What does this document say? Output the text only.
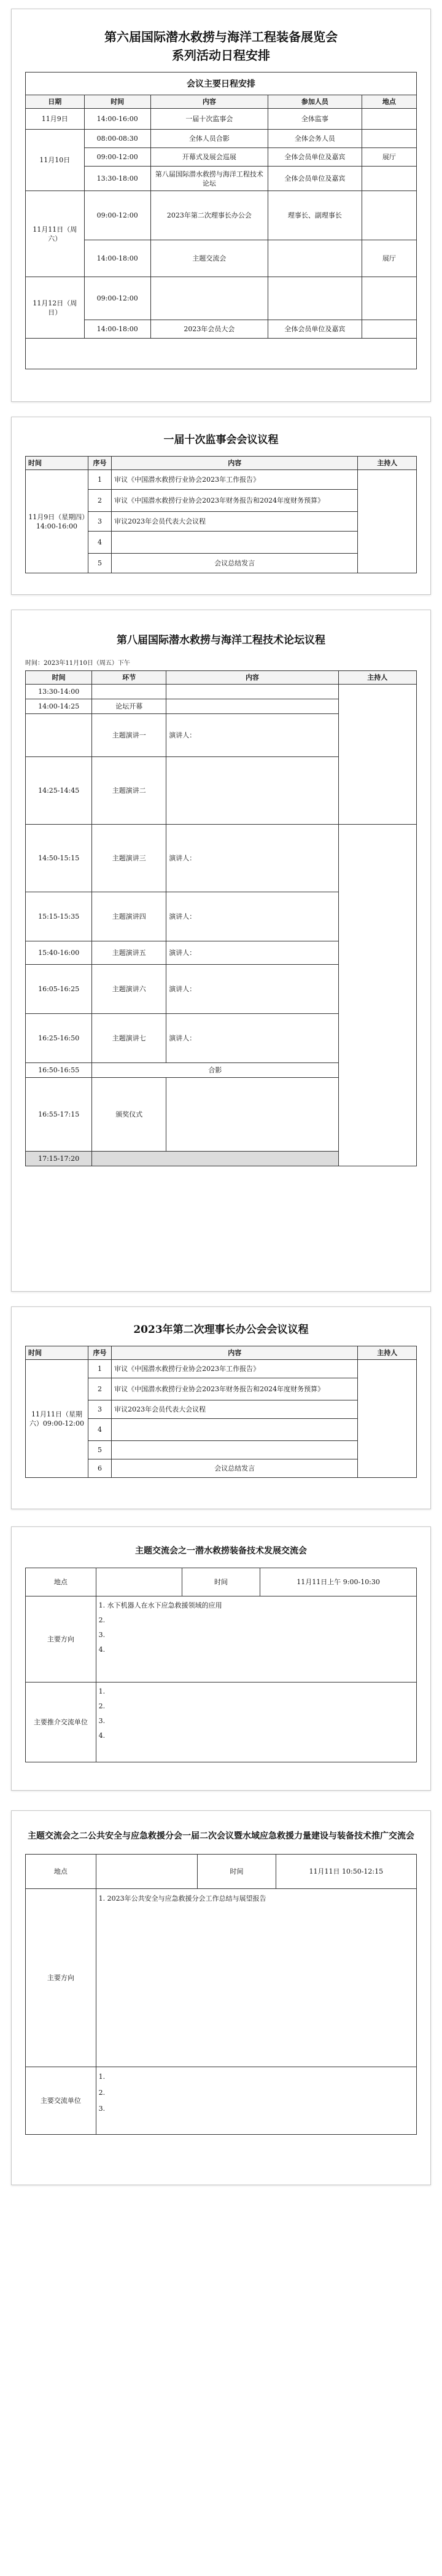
第六届国际潜水救捞与海洋工程装备展览会
系列活动日程安排
会议主要日程安排
日期	时间	内容	参加人员	地点
11月9日	14:00-16:00	一届十次监事会	全体监事	
11月10日	08:00-08:30	全体人员合影	全体会务人员	
	09:00-12:00	开幕式及展会巡展	全体会员单位及嘉宾	展厅
	13:30-18:00	第八届国际潜水救捞与海洋工程技术论坛	全体会员单位及嘉宾	
11月11日（周六）	09:00-12:00	2023年第二次理事长办公会	理事长、副理事长	
	14:00-18:00	主题交流会		展厅
11月12日（周日）	09:00-12:00			
	14:00-18:00	2023年会员大会	全体会员单位及嘉宾	
一届十次监事会会议议程
时间	序号	内容	主持人
11月9日（星期四）14:00-16:00	1	审议《中国潜水救捞行业协会2023年工作报告》	
	2	审议《中国潜水救捞行业协会2023年财务报告和2024年度财务预算》	
	3	审议2023年会员代表大会议程	
	4		
	5	会议总结发言	
第八届国际潜水救捞与海洋工程技术论坛议程
时间：2023年11月10日（周五）下午
时间	环节	内容	主持人
13:30-14:00			
14:00-14:25	论坛开幕		
	主题演讲一	演讲人：	
14:25-14:45	主题演讲二		
14:50-15:15	主题演讲三	演讲人：	
15:15-15:35	主题演讲四	演讲人：	
15:40-16:00	主题演讲五	演讲人：	
16:05-16:25	主题演讲六	演讲人：	
16:25-16:50	主题演讲七	演讲人：	
16:50-16:55	合影		
16:55-17:15	颁奖仪式		
17:15-17:20			
2023年第二次理事长办公会会议议程
时间	序号	内容	主持人
11月11日（星期六）09:00-12:00	1	审议《中国潜水救捞行业协会2023年工作报告》	
	2	审议《中国潜水救捞行业协会2023年财务报告和2024年度财务预算》	
	3	审议2023年会员代表大会议程	
	4		
	5		
	6	会议总结发言	
主题交流会之一潜水救捞装备技术发展交流会
地点		时间	11月11日上午 9:00-10:30
主要方向	1. 水下机器人在水下应急救援领域的应用
2.
3.
4.		

主要推介交流单位	1.
2.
3.
4.		
主题交流会之二公共安全与应急救援分会一届二次会议暨水域应急救援力量建设与装备技术推广交流会
地点		时间	11月11日 10:50-12:15
主要方向	1. 2023年公共安全与应急救援分会工作总结与展望报告		

主要交流单位	1.
2.
3.		
